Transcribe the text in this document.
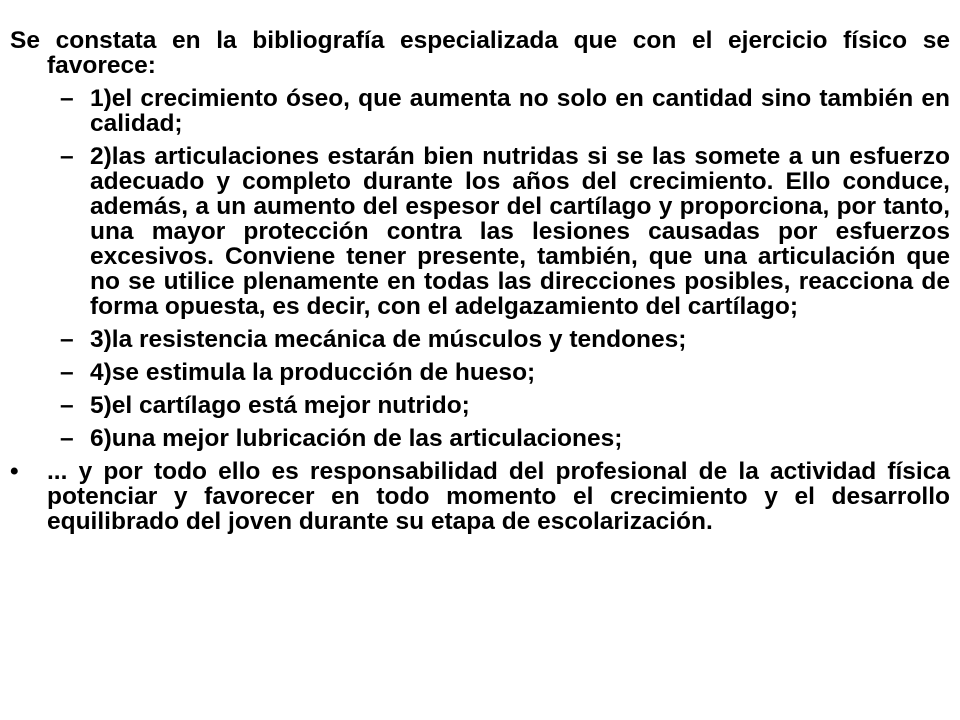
Se constata en la bibliografía especializada que con el ejercicio físico se favorece:

– 1)el crecimiento óseo, que aumenta no solo en cantidad sino también en calidad;
– 2)las articulaciones estarán bien nutridas si se las somete a un esfuerzo adecuado y completo durante los años del crecimiento. Ello conduce, además, a un aumento del espesor del cartílago y proporciona, por tanto, una mayor protección contra las lesiones causadas por esfuerzos excesivos. Conviene tener presente, también, que una articulación que no se utilice plenamente en todas las direcciones posibles, reacciona de forma opuesta, es decir, con el adelgazamiento del cartílago;
– 3)la resistencia mecánica de músculos y tendones;
– 4)se estimula la producción de hueso;
– 5)el cartílago está mejor nutrido;
– 6)una mejor lubricación de las articulaciones;
• ... y por todo ello es responsabilidad del profesional de la actividad física potenciar y favorecer en todo momento el crecimiento y el desarrollo equilibrado del joven durante su etapa de escolarización.
